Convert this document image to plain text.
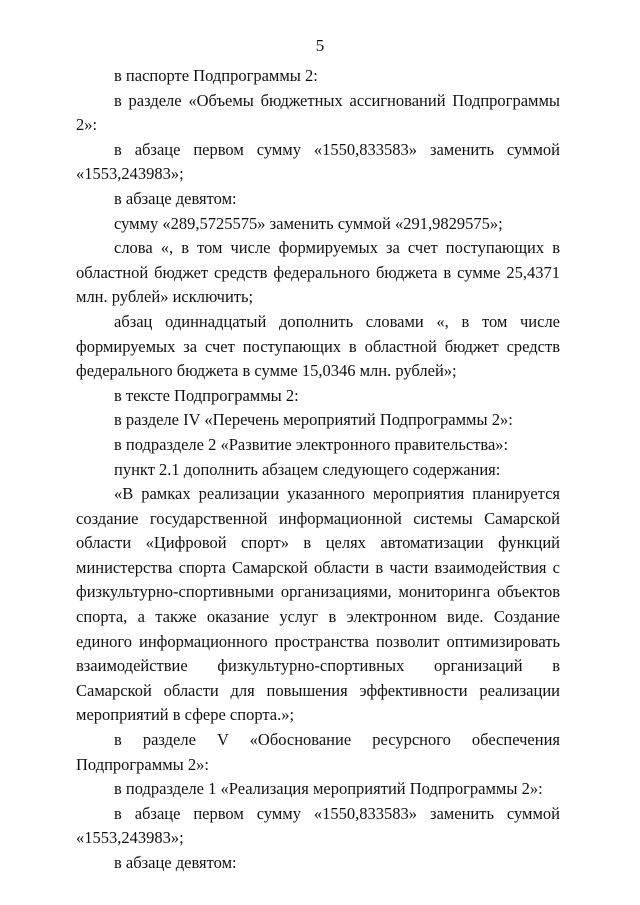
5

в паспорте Подпрограммы 2:

в разделе «Объемы бюджетных ассигнований Подпрограммы 2»:

в абзаце первом сумму «1550,833583» заменить суммой «1553,243983»;

в абзаце девятом:

сумму «289,5725575» заменить суммой «291,9829575»;

слова «, в том числе формируемых за счет поступающих в областной бюджет средств федерального бюджета в сумме 25,4371 млн. рублей» исключить;

абзац одиннадцатый дополнить словами «, в том числе формируемых за счет поступающих в областной бюджет средств федерального бюджета в сумме 15,0346 млн. рублей»;

в тексте Подпрограммы 2:

в разделе IV «Перечень мероприятий Подпрограммы 2»:

в подразделе 2 «Развитие электронного правительства»:

пункт 2.1 дополнить абзацем следующего содержания:

«В рамках реализации указанного мероприятия планируется создание государственной информационной системы Самарской области «Цифровой спорт» в целях автоматизации функций министерства спорта Самарской области в части взаимодействия с физкультурно-спортивными организациями, мониторинга объектов спорта, а также оказание услуг в электронном виде. Создание единого информационного пространства позволит оптимизировать взаимодействие физкультурно-спортивных организаций в Самарской области для повышения эффективности реализации мероприятий в сфере спорта.»;

в разделе V «Обоснование ресурсного обеспечения Подпрограммы 2»:

в подразделе 1 «Реализация мероприятий Подпрограммы 2»:

в абзаце первом сумму «1550,833583» заменить суммой «1553,243983»;

в абзаце девятом:
